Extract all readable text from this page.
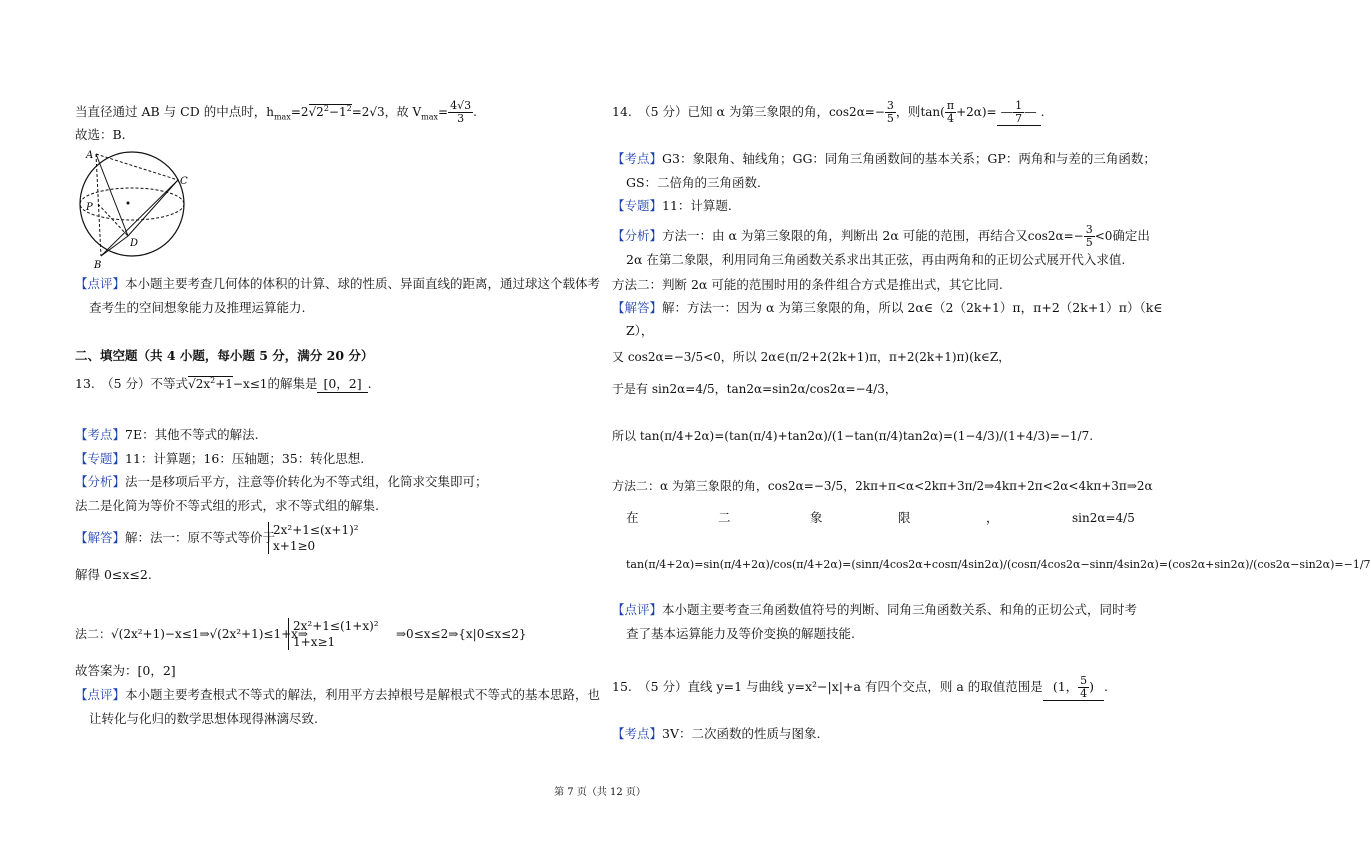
当直径通过 AB 与 CD 的中点时，$h_{max}=2√2^2-1^2=2√3$，故 $V_{max}= \frac{4√3}{3}$ .
故选：B.
A
C
P
D
B
【点评】本小题主要考查几何体的体积的计算、球的性质、异面直线的距离，通过球这个载体考
查考生的空间想象能力及推理运算能力.
二、填空题（共 4 小题，每小题 5 分，满分 20 分）
13.　（5 分）不等式$√2x^2+1-x\le 1$的解集是 [0，2] .
【考点】7E：其他不等式的解法.
【专题】11：计算题；16：压轴题；35：转化思想.
【分析】法一是移项后平方，注意等价转化为不等式组，化简求交集即可；
法二是化简为等价不等式组的形式，求不等式组的解集.
【解答】解：法一：原不等式等价于
2x²+1≤(x+1)²
x+1≥0
解得 0≤x≤2.
法二：√(2x²+1)−x≤1⇒√(2x²+1)≤1+x⇒
2x²+1≤(1+x)²
1+x≥1
⇒0≤x≤2⇒{x|0≤x≤2}
故答案为：[0，2]
【点评】本小题主要考查根式不等式的解法，利用平方去掉根号是解根式不等式的基本思路，也
让转化与化归的数学思想体现得淋漓尽致.
14.　（5 分）已知 α 为第三象限的角，$\cos 2\alpha=- \frac{3}{5}$ ，则$\tan( \frac{\pi}{4} +2\alpha)=$ — $\frac{1}{7}$ — .
【考点】G3：象限角、轴线角；GG：同角三角函数间的基本关系；GP：两角和与差的三角函数；
GS：二倍角的三角函数.
【专题】11：计算题.
【分析】方法一：由 α 为第三象限的角，判断出 2α 可能的范围，再结合又$\cos 2\alpha=- \frac{3}{5} <0$确定出
2α 在第二象限，利用同角三角函数关系求出其正弦，再由两角和的正切公式展开代入求值.
方法二：判断 2α 可能的范围时用的条件组合方式是推出式，其它比同.
【解答】解：方法一：因为 α 为第三象限的角，所以 2α∈（2（2k+1）π，π+2（2k+1）π）（k∈
Z），
又 cos2α=−3/5<0，所以 2α∈(π/2+2(2k+1)π，π+2(2k+1)π)(k∈Z，
于是有 sin2α=4/5，tan2α=sin2α/cos2α=−4/3，
所以 tan(π/4+2α)=(tan(π/4)+tan2α)/(1−tan(π/4)tan2α)=(1−4/3)/(1+4/3)=−1/7.
方法二：α 为第三象限的角，cos2α=−3/5，2kπ+π<α<2kπ+3π/2⇒4kπ+2π<2α<4kπ+3π⇒2α
在	二	象	限	，	sin2α=4/5
tan(π/4+2α)=sin(π/4+2α)/cos(π/4+2α)=(sinπ/4cos2α+cosπ/4sin2α)/(cosπ/4cos2α−sinπ/4sin2α)=(cos2α+sin2α)/(cos2α−sin2α)=−1/7
【点评】本小题主要考查三角函数值符号的判断、同角三角函数关系、和角的正切公式，同时考
查了基本运算能力及等价变换的解题技能.
15.　（5 分）直线 y=1 与曲线 y=x²−|x|+a 有四个交点，则 a 的取值范围是 (1， $\frac{5}{4}$ ) .
【考点】3V：二次函数的性质与图象.
第 7 页（共 12 页）
